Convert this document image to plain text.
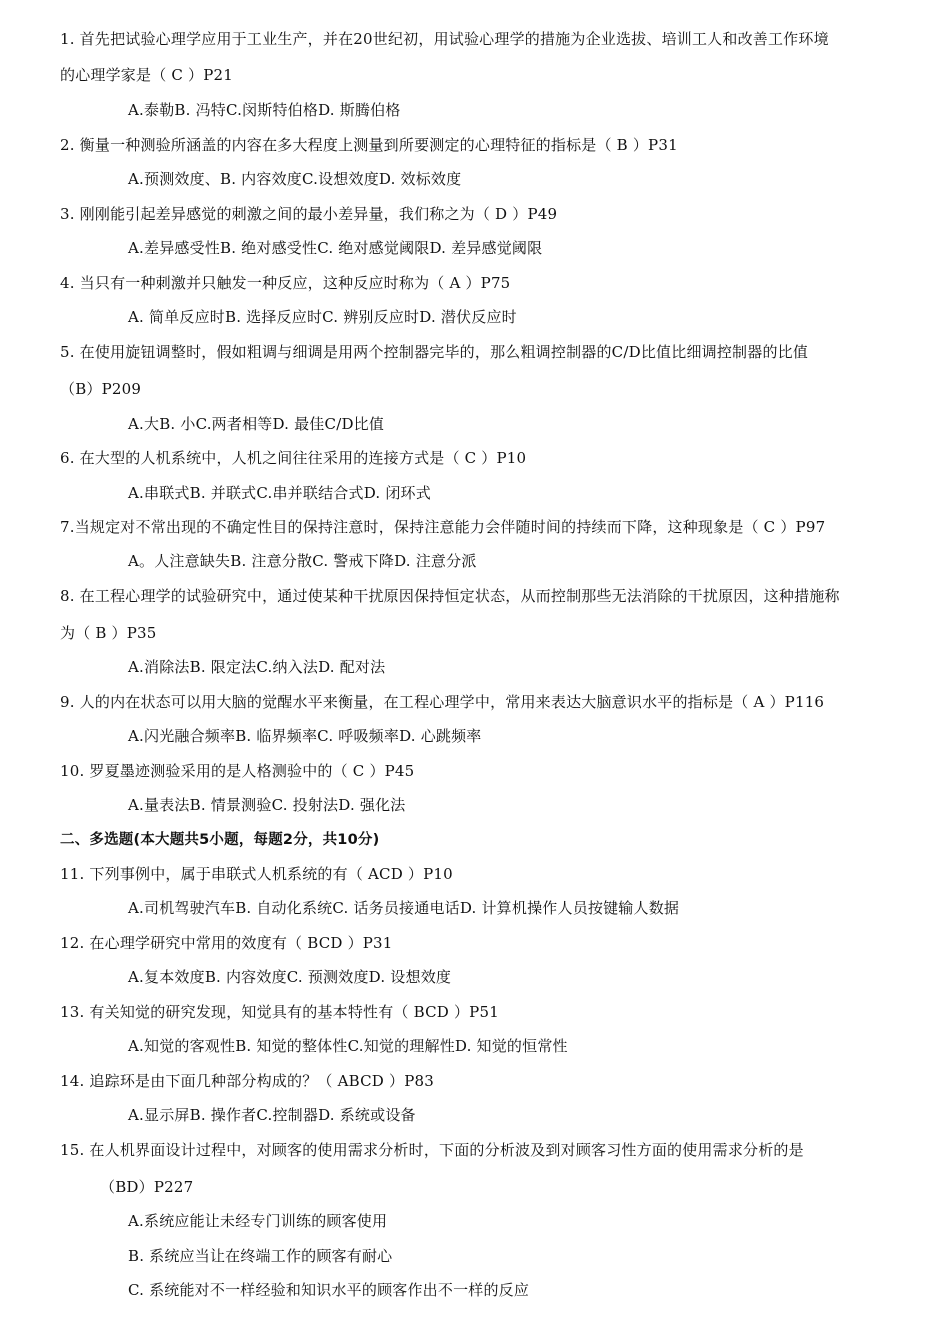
1. 首先把试验心理学应用于工业生产，并在20世纪初，用试验心理学的措施为企业选拔、培训工人和改善工作环境
的心理学家是（ C ）P21
A.泰勒B. 冯特C.闵斯特伯格D. 斯腾伯格
2. 衡量一种测验所涵盖的内容在多大程度上测量到所要测定的心理特征的指标是（ B ）P31
A.预测效度、B. 内容效度C.设想效度D. 效标效度
3. 刚刚能引起差异感觉的刺激之间的最小差异量，我们称之为（ D ）P49
A.差异感受性B. 绝对感受性C. 绝对感觉阈限D. 差异感觉阈限
4. 当只有一种刺激并只触发一种反应，这种反应时称为（ A ）P75
A. 简单反应时B. 选择反应时C. 辨别反应时D. 潜伏反应时
5. 在使用旋钮调整时，假如粗调与细调是用两个控制器完毕的，那么粗调控制器的C/D比值比细调控制器的比值
（B）P209
A.大B. 小C.两者相等D. 最佳C/D比值
6. 在大型的人机系统中，人机之间往往采用的连接方式是（ C ）P10
A.串联式B. 并联式C.串并联结合式D. 闭环式
7.当规定对不常出现的不确定性目的保持注意时，保持注意能力会伴随时间的持续而下降，这种现象是（ C ）P97
A。人注意缺失B. 注意分散C. 警戒下降D. 注意分派
8. 在工程心理学的试验研究中，通过使某种干扰原因保持恒定状态，从而控制那些无法消除的干扰原因，这种措施称
为（ B ）P35
A.消除法B. 限定法C.纳入法D. 配对法
9. 人的内在状态可以用大脑的觉醒水平来衡量，在工程心理学中，常用来表达大脑意识水平的指标是（ A ）P116
A.闪光融合频率B. 临界频率C. 呼吸频率D. 心跳频率
10. 罗夏墨迹测验采用的是人格测验中的（ C ）P45
A.量表法B. 情景测验C. 投射法D. 强化法
二、多选题(本大题共5小题，每题2分，共10分)
11. 下列事例中，属于串联式人机系统的有（ ACD ）P10
A.司机驾驶汽车B. 自动化系统C. 话务员接通电话D. 计算机操作人员按键输人数据
12. 在心理学研究中常用的效度有（ BCD ）P31
A.复本效度B. 内容效度C. 预测效度D. 设想效度
13. 有关知觉的研究发现，知觉具有的基本特性有（ BCD ）P51
A.知觉的客观性B. 知觉的整体性C.知觉的理解性D. 知觉的恒常性
14. 追踪环是由下面几种部分构成的？（ ABCD ）P83
A.显示屏B. 操作者C.控制器D. 系统或设备
15. 在人机界面设计过程中，对顾客的使用需求分析时，下面的分析波及到对顾客习性方面的使用需求分析的是
（BD）P227
A.系统应能让未经专门训练的顾客使用
B. 系统应当让在终端工作的顾客有耐心
C. 系统能对不一样经验和知识水平的顾客作出不一样的反应
